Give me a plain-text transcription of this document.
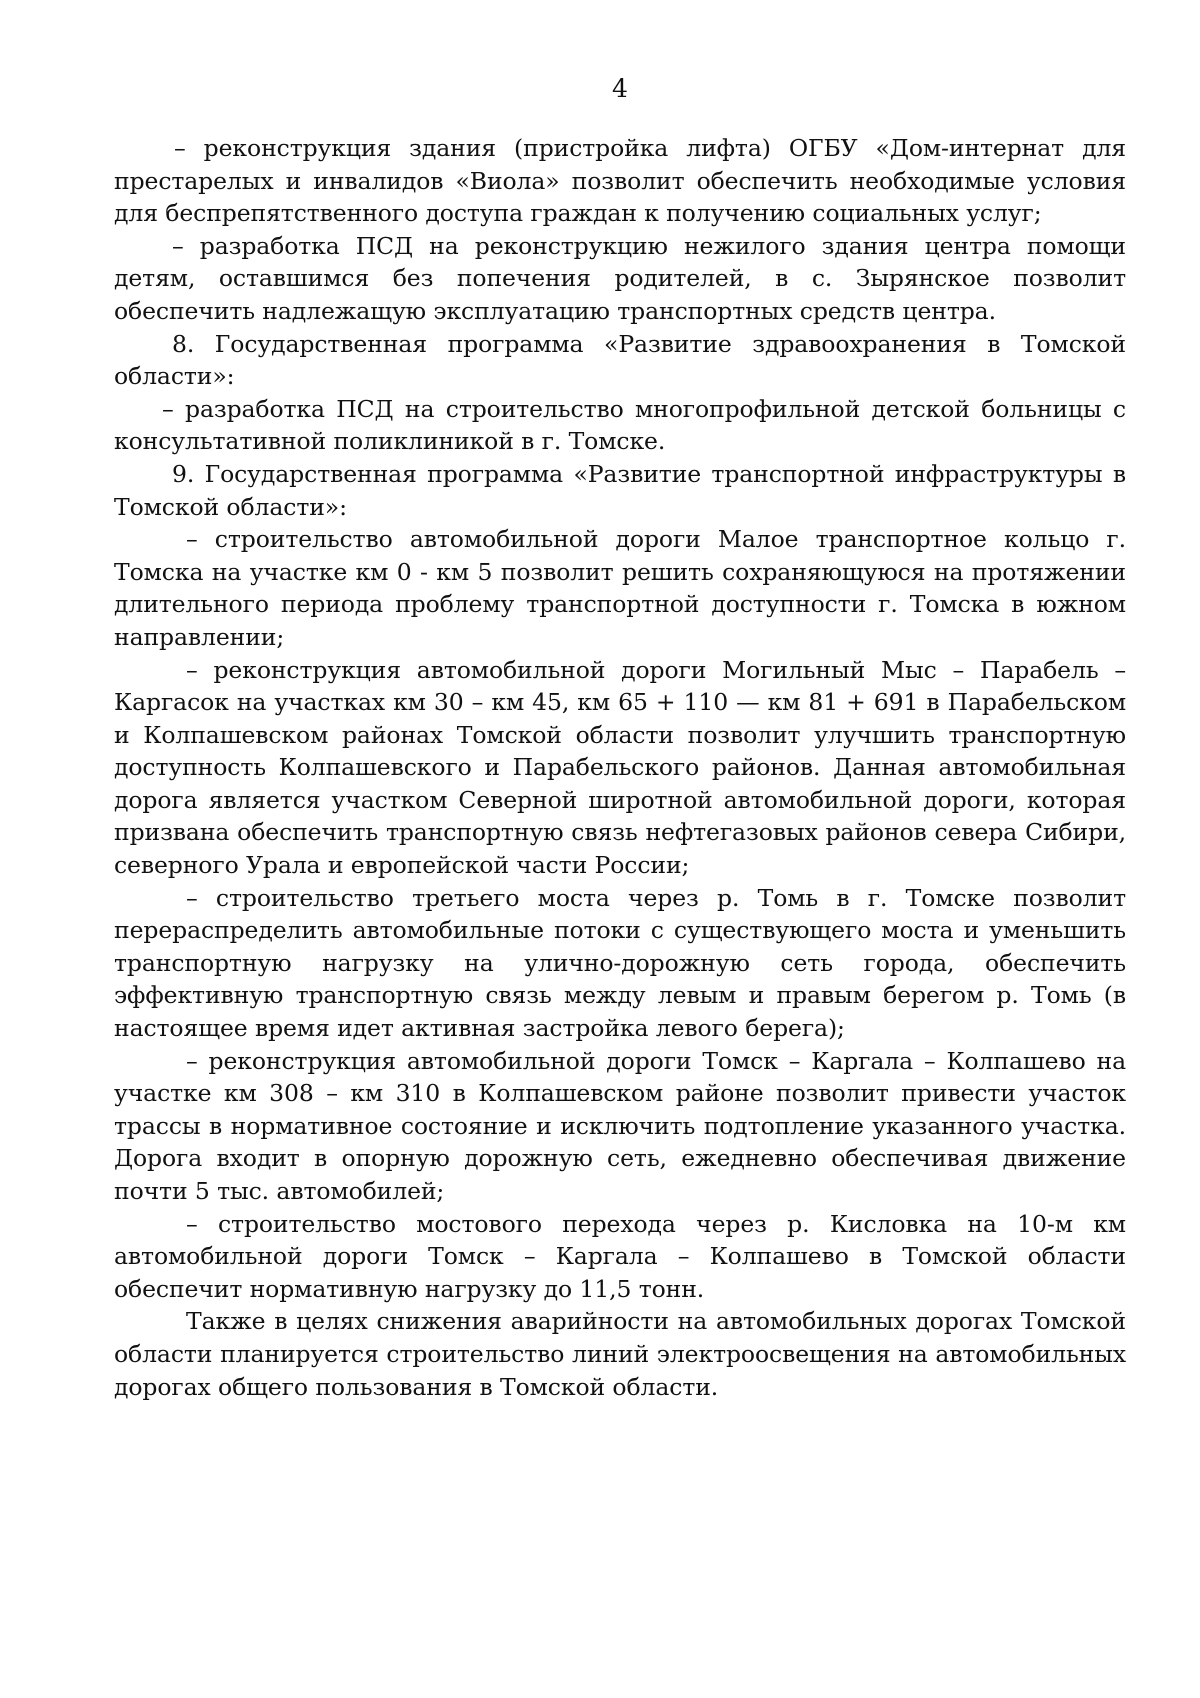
4

– реконструкция здания (пристройка лифта) ОГБУ «Дом-интернат для престарелых и инвалидов «Виола» позволит обеспечить необходимые условия для беспрепятственного доступа граждан к получению социальных услуг;

– разработка ПСД на реконструкцию нежилого здания центра помощи детям, оставшимся без попечения родителей, в с. Зырянское позволит обеспечить надлежащую эксплуатацию транспортных средств центра.

8. Государственная программа «Развитие здравоохранения в Томской области»:

– разработка ПСД на строительство многопрофильной детской больницы с консультативной поликлиникой в г. Томске.

9. Государственная программа «Развитие транспортной инфраструктуры в Томской области»:

– строительство автомобильной дороги Малое транспортное кольцо г. Томска на участке км 0 - км 5 позволит решить сохраняющуюся на протяжении длительного периода проблему транспортной доступности г. Томска в южном направлении;

– реконструкция автомобильной дороги Могильный Мыс – Парабель – Каргасок на участках км 30 – км 45, км 65 + 110 — км 81 + 691 в Парабельском и Колпашевском районах Томской области позволит улучшить транспортную доступность Колпашевского и Парабельского районов. Данная автомобильная дорога является участком Северной широтной автомобильной дороги, которая призвана обеспечить транспортную связь нефтегазовых районов севера Сибири, северного Урала и европейской части России;

– строительство третьего моста через р. Томь в г. Томске позволит перераспределить автомобильные потоки с существующего моста и уменьшить транспортную нагрузку на улично-дорожную сеть города, обеспечить эффективную транспортную связь между левым и правым берегом р. Томь (в настоящее время идет активная застройка левого берега);

– реконструкция автомобильной дороги Томск – Каргала – Колпашево на участке км 308 – км 310 в Колпашевском районе позволит привести участок трассы в нормативное состояние и исключить подтопление указанного участка. Дорога входит в опорную дорожную сеть, ежедневно обеспечивая движение почти 5 тыс. автомобилей;

– строительство мостового перехода через р. Кисловка на 10-м км автомобильной дороги Томск – Каргала – Колпашево в Томской области обеспечит нормативную нагрузку до 11,5 тонн.

Также в целях снижения аварийности на автомобильных дорогах Томской области планируется строительство линий электроосвещения на автомобильных дорогах общего пользования в Томской области.
